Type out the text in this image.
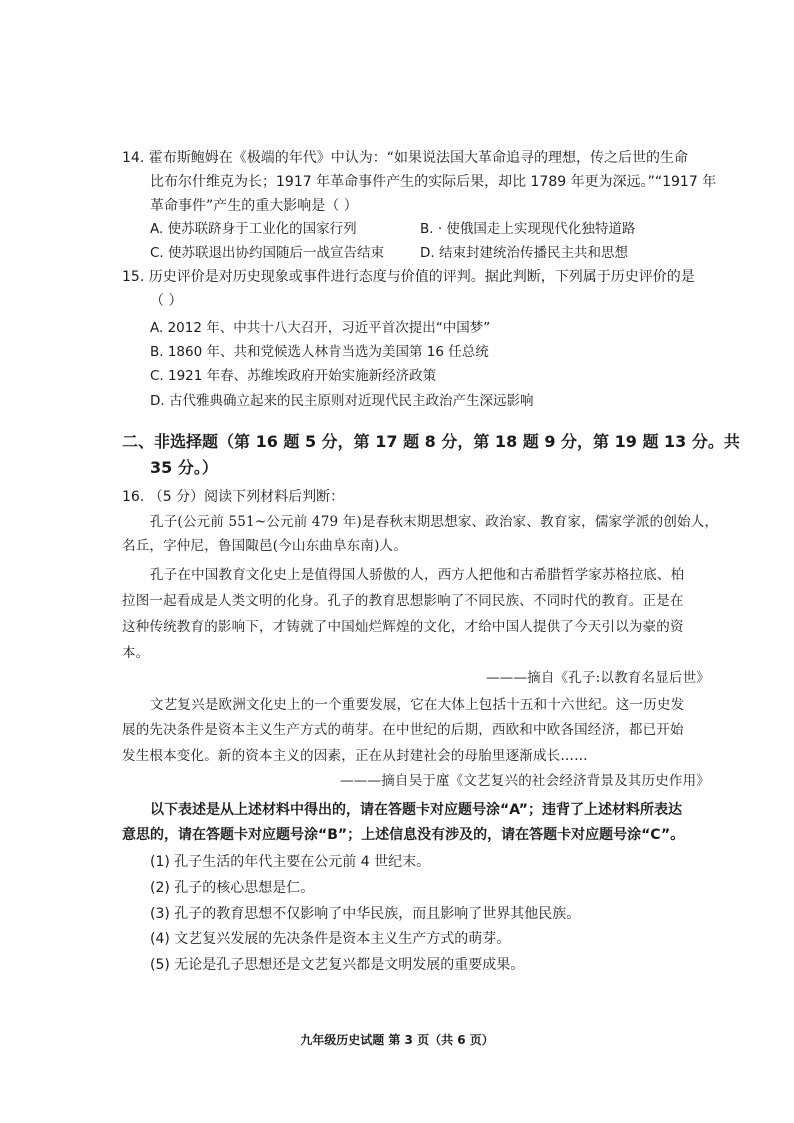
14. 霍布斯鲍姆在《极端的年代》中认为：“如果说法国大革命追寻的理想，传之后世的生命
比布尔什维克为长；1917 年革命事件产生的实际后果，却比 1789 年更为深远。”“1917 年
革命事件”产生的重大影响是（ ）
A. 使苏联跻身于工业化的国家行列	B. · 使俄国走上实现现代化独特道路
C. 使苏联退出协约国随后一战宣告结束	D. 结束封建统治传播民主共和思想
15. 历史评价是对历史现象或事件进行态度与价值的评判。据此判断，下列属于历史评价的是
（ ）
A. 2012 年、中共十八大召开，习近平首次提出“中国梦”
B. 1860 年、共和党候选人林肯当选为美国第 16 任总统
C. 1921 年春、苏维埃政府开始实施新经济政策
D. 古代雅典确立起来的民主原则对近现代民主政治产生深远影响
二、非选择题（第 16 题 5 分，第 17 题 8 分，第 18 题 9 分，第 19 题 13 分。共
35 分。）
16. （5 分）阅读下列材料后判断：
孔子(公元前 551~公元前 479 年)是春秋末期思想家、政治家、教育家，儒家学派的创始人，
名丘，字仲尼，鲁国陬邑(今山东曲阜东南)人。
孔子在中国教育文化史上是值得国人骄傲的人，西方人把他和古希腊哲学家苏格拉底、柏
拉图一起看成是人类文明的化身。孔子的教育思想影响了不同民族、不同时代的教育。正是在
这种传统教育的影响下，才铸就了中国灿烂辉煌的文化，才给中国人提供了今天引以为豪的资
本。
———摘自《孔子:以教育名显后世》
文艺复兴是欧洲文化史上的一个重要发展，它在大体上包括十五和十六世纪。这一历史发
展的先决条件是资本主义生产方式的萌芽。在中世纪的后期，西欧和中欧各国经济，都已开始
发生根本变化。新的资本主义的因素，正在从封建社会的母胎里逐渐成长……
———摘自吴于廑《文艺复兴的社会经济背景及其历史作用》
以下表述是从上述材料中得出的，请在答题卡对应题号涂“A”；违背了上述材料所表达
意思的，请在答题卡对应题号涂“B”；上述信息没有涉及的，请在答题卡对应题号涂“C”。
(1) 孔子生活的年代主要在公元前 4 世纪末。
(2) 孔子的核心思想是仁。
(3) 孔子的教育思想不仅影响了中华民族，而且影响了世界其他民族。
(4) 文艺复兴发展的先决条件是资本主义生产方式的萌芽。
(5) 无论是孔子思想还是文艺复兴都是文明发展的重要成果。
九年级历史试题 第 3 页（共 6 页）
